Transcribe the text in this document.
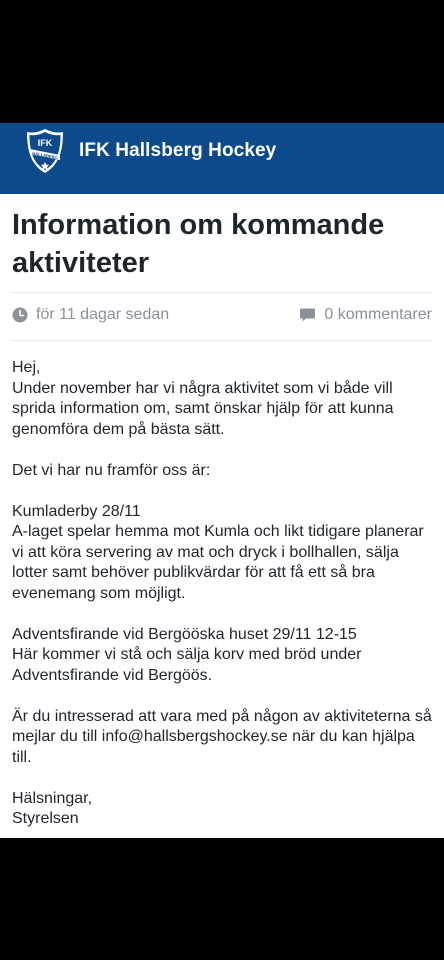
IFK
HALLSBERG IFK Hallsberg Hockey
Information om kommande aktiviteter
för 11 dagar sedan	0 kommentarer

Hej,
Under november har vi några aktivitet som vi både vill sprida information om, samt önskar hjälp för att kunna genomföra dem på bästa sätt.

Det vi har nu framför oss är:

Kumladerby 28/11
A-laget spelar hemma mot Kumla och likt tidigare planerar vi att köra servering av mat och dryck i bollhallen, sälja lotter samt behöver publikvärdar för att få ett så bra evenemang som möjligt.

Adventsfirande vid Bergööska huset 29/11 12-15
Här kommer vi stå och sälja korv med bröd under Adventsfirande vid Bergöös.

Är du intresserad att vara med på någon av aktiviteterna så mejlar du till info@hallsbergshockey.se när du kan hjälpa till.

Hälsningar,
Styrelsen
